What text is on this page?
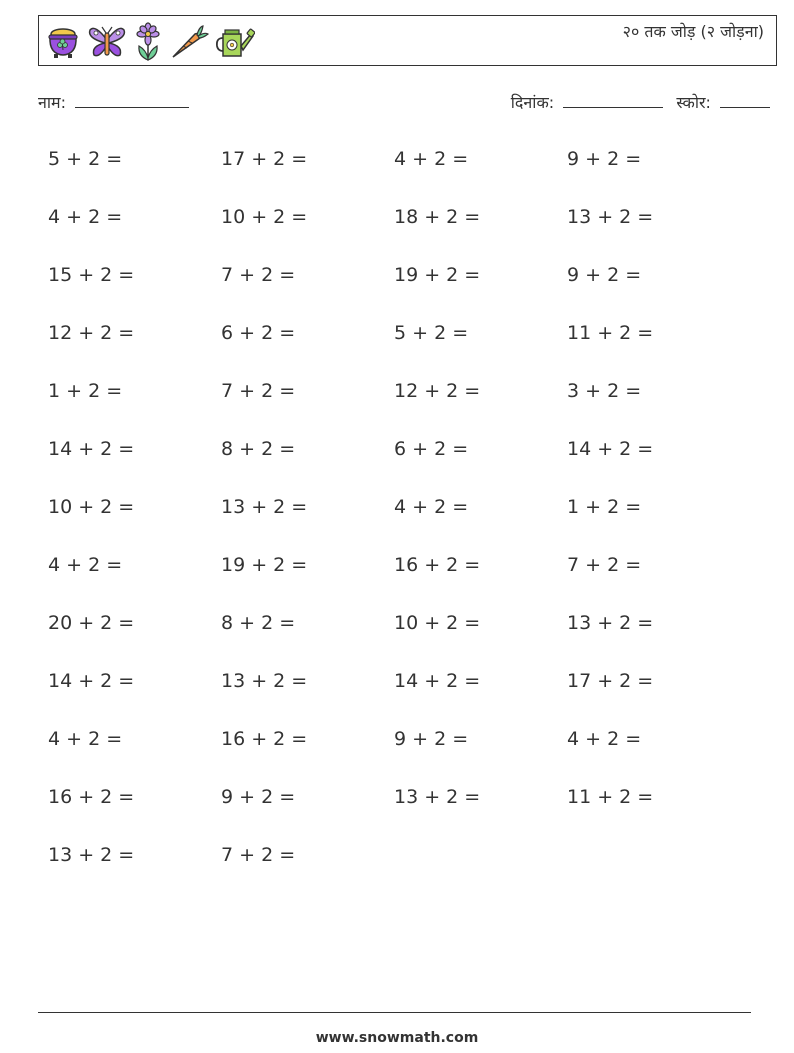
२० तक जोड़ (२ जोड़ना)
नाम:	दिनांक:	स्कोर:
5 + 2 =	17 + 2 =	4 + 2 =	9 + 2 =
4 + 2 =	10 + 2 =	18 + 2 =	13 + 2 =
15 + 2 =	7 + 2 =	19 + 2 =	9 + 2 =
12 + 2 =	6 + 2 =	5 + 2 =	11 + 2 =
1 + 2 =	7 + 2 =	12 + 2 =	3 + 2 =
14 + 2 =	8 + 2 =	6 + 2 =	14 + 2 =
10 + 2 =	13 + 2 =	4 + 2 =	1 + 2 =
4 + 2 =	19 + 2 =	16 + 2 =	7 + 2 =
20 + 2 =	8 + 2 =	10 + 2 =	13 + 2 =
14 + 2 =	13 + 2 =	14 + 2 =	17 + 2 =
4 + 2 =	16 + 2 =	9 + 2 =	4 + 2 =
16 + 2 =	9 + 2 =	13 + 2 =	11 + 2 =
13 + 2 =	7 + 2 =
www.snowmath.com
